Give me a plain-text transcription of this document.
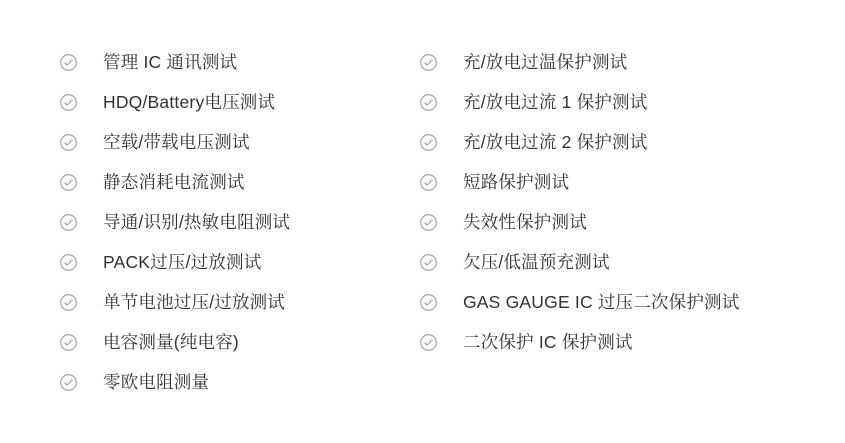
管理 IC 通讯测试
HDQ/Battery电压测试
空载/带载电压测试
静态消耗电流测试
导通/识别/热敏电阻测试
PACK过压/过放测试
单节电池过压/过放测试
电容测量(纯电容)
零欧电阻测量
充/放电过温保护测试
充/放电过流 1 保护测试
充/放电过流 2 保护测试
短路保护测试
失效性保护测试
欠压/低温预充测试
GAS GAUGE IC 过压二次保护测试
二次保护 IC 保护测试
